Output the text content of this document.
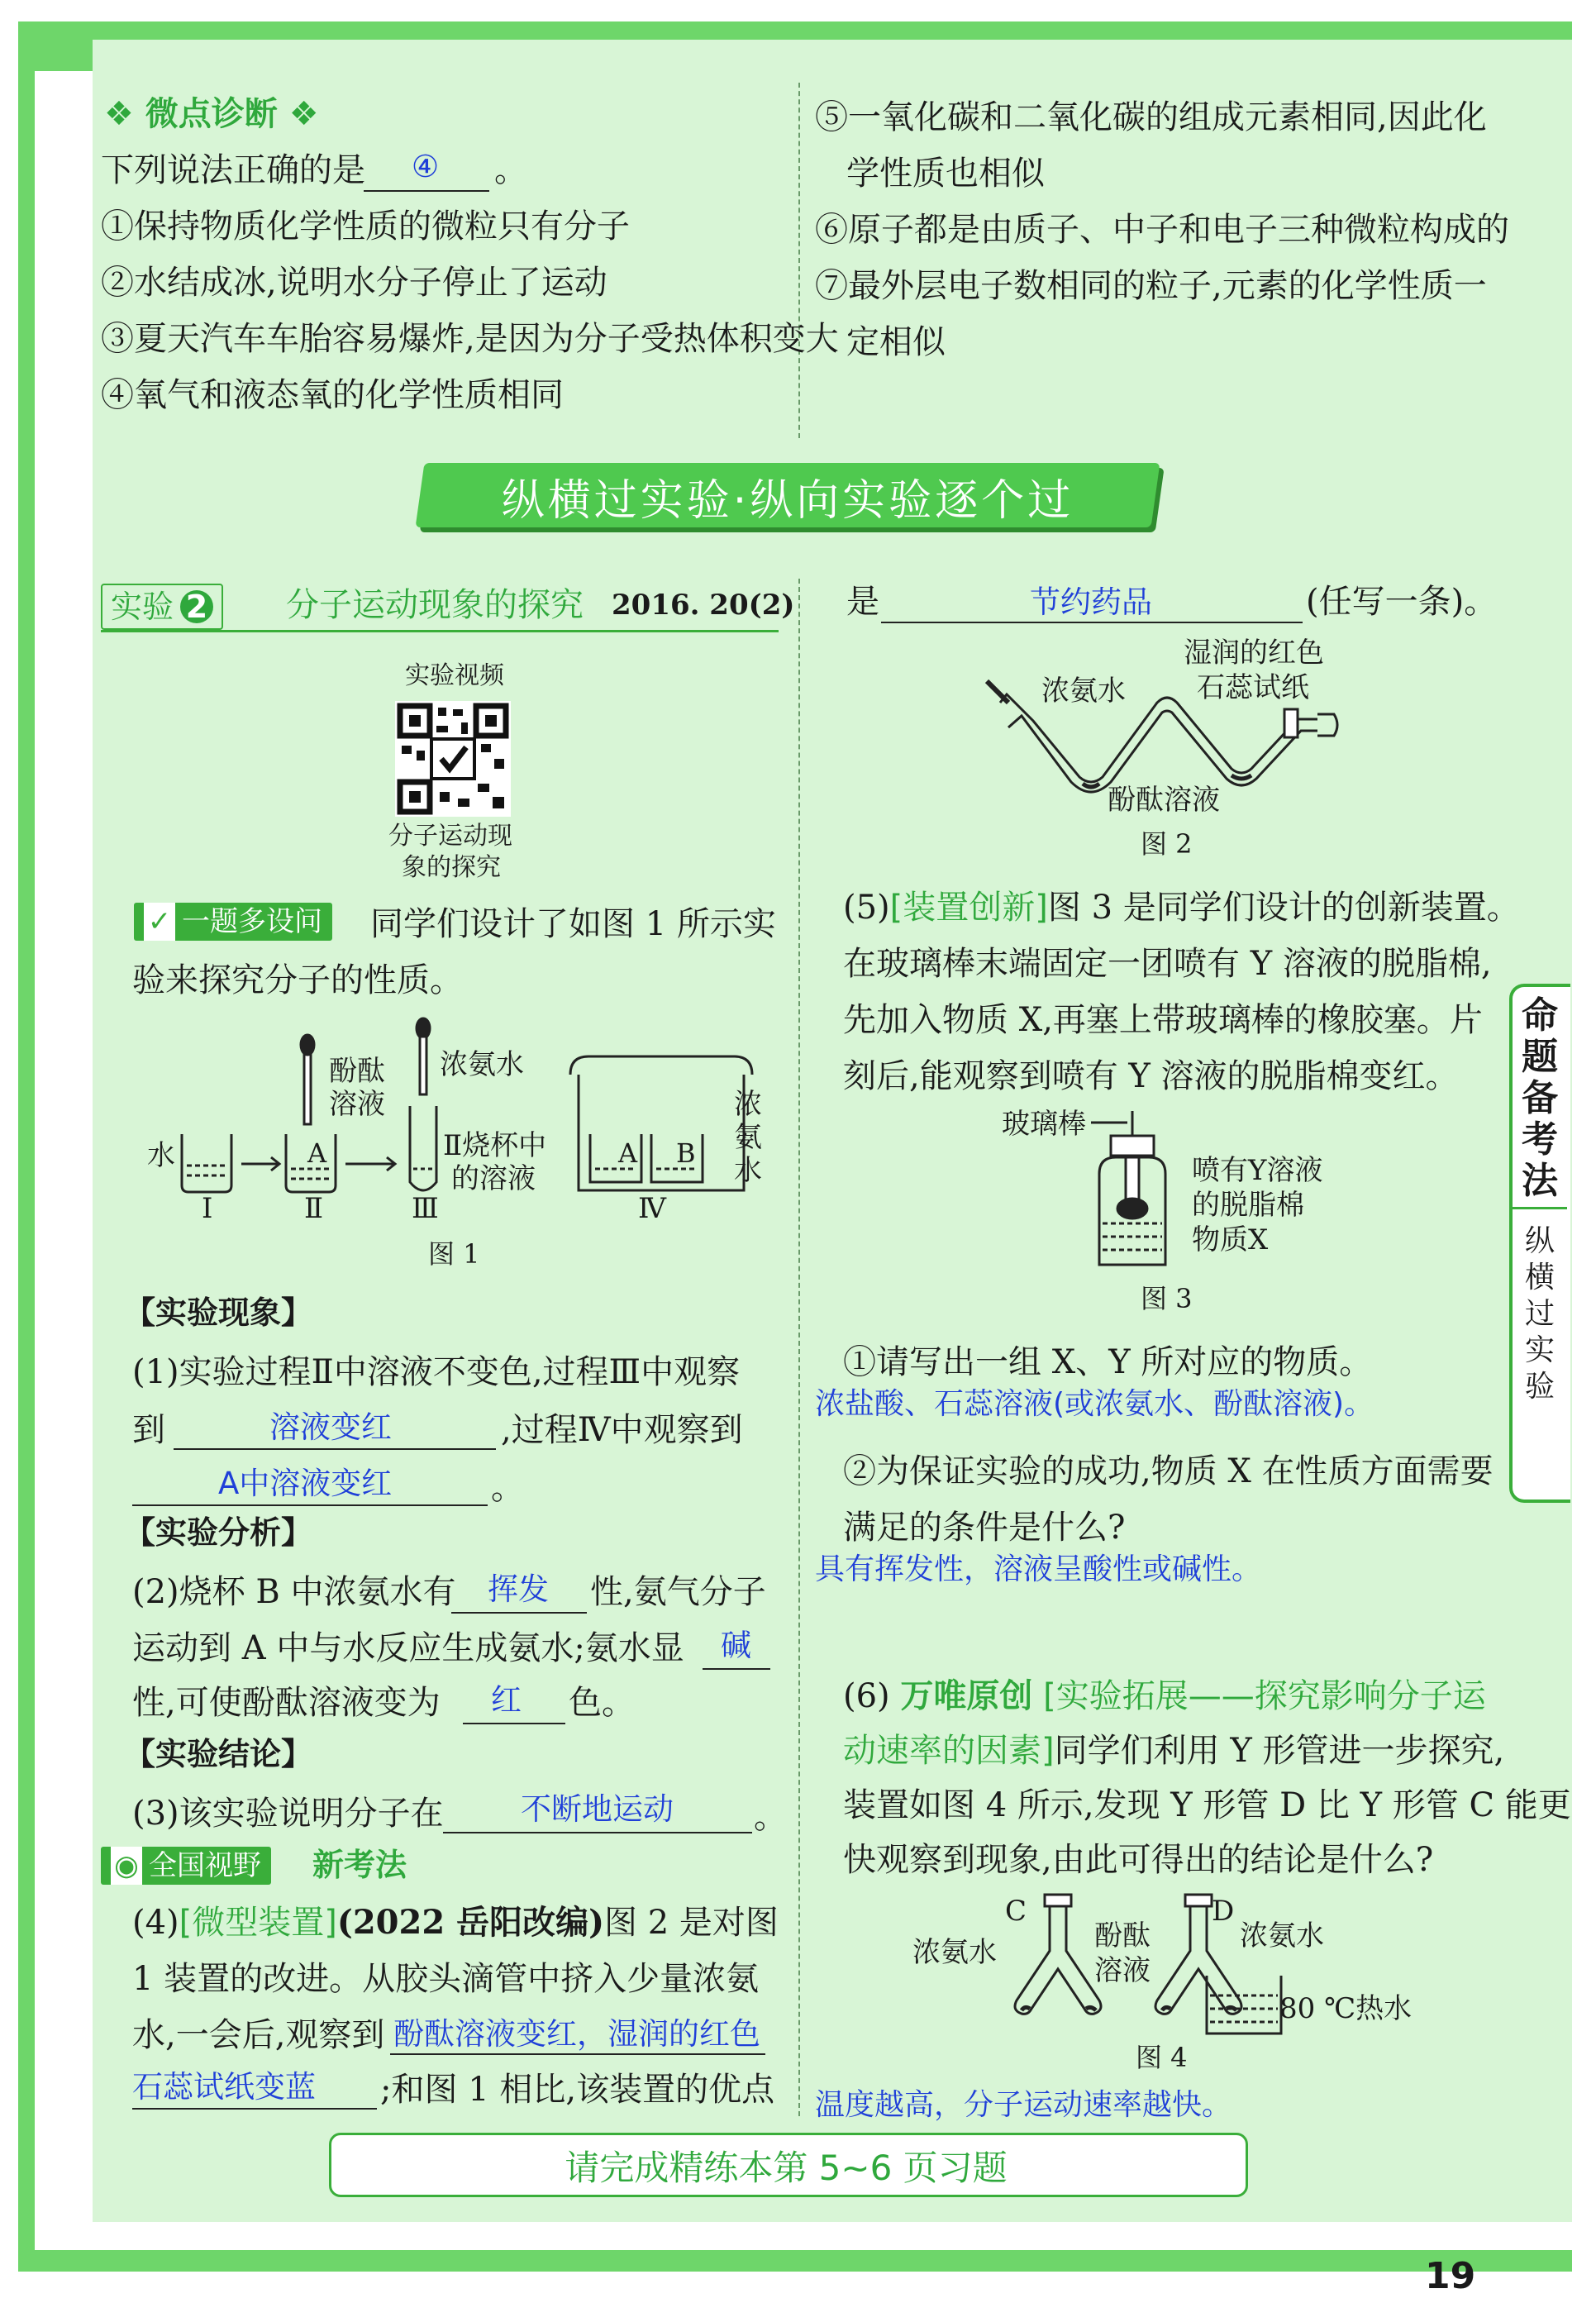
❖ 微点诊断 ❖
下列说法正确的是 ④ 。
①保持物质化学性质的微粒只有分子
②水结成冰,说明水分子停止了运动
③夏天汽车车胎容易爆炸,是因为分子受热体积变大
④氧气和液态氧的化学性质相同
⑤一氧化碳和二氧化碳的组成元素相同,因此化
学性质也相似
⑥原子都是由质子、中子和电子三种微粒构成的
⑦最外层电子数相同的粒子,元素的化学性质一
定相似
纵横过实验·纵向实验逐个过
实验 2	分子运动现象的探究 2016. 20(2)
实验视频
分子运动现
象的探究
✓ 一题多设问	同学们设计了如图 1 所示实
验来探究分子的性质。
水
酚酞
溶液
A
浓氨水
Ⅱ烧杯中
的溶液
A B
浓
氨
水
Ⅰ	Ⅱ	Ⅲ	Ⅳ
图 1
【实验现象】
(1)实验过程Ⅱ中溶液不变色,过程Ⅲ中观察
到	溶液变红	,过程Ⅳ中观察到
A中溶液变红	。
【实验分析】
(2)烧杯 B 中浓氨水有 挥发 性,氨气分子
运动到 A 中与水反应生成氨水;氨水显 碱
性,可使酚酞溶液变为 红 色。
【实验结论】
(3)该实验说明分子在	不断地运动 。
◉ 全国视野	新考法
(4)[微型装置](2022 岳阳改编)图 2 是对图
1 装置的改进。从胶头滴管中挤入少量浓氨
水,一会后,观察到 酚酞溶液变红，湿润的红色
石蕊试纸变蓝 ;和图 1 相比,该装置的优点
是	节约药品	(任写一条)。
浓氨水
湿润的红色
石蕊试纸
酚酞溶液
图 2
(5)[装置创新]图 3 是同学们设计的创新装置。
在玻璃棒末端固定一团喷有 Y 溶液的脱脂棉,
先加入物质 X,再塞上带玻璃棒的橡胶塞。片
刻后,能观察到喷有 Y 溶液的脱脂棉变红。
玻璃棒
喷有Y溶液
的脱脂棉
物质X
图 3
①请写出一组 X、Y 所对应的物质。
浓盐酸、石蕊溶液(或浓氨水、酚酞溶液)。
②为保证实验的成功,物质 X 在性质方面需要
满足的条件是什么?
具有挥发性，溶液呈酸性或碱性。
(6) 万唯原创 [实验拓展——探究影响分子运
动速率的因素]同学们利用 Y 形管进一步探究,
装置如图 4 所示,发现 Y 形管 D 比 Y 形管 C 能更
快观察到现象,由此可得出的结论是什么?
C	D
浓氨水	酚酞
溶液
浓氨水
80 ℃热水
图 4
温度越高，分子运动速率越快。
命题备考法
纵横过实验
请完成精练本第 5~6 页习题
19
